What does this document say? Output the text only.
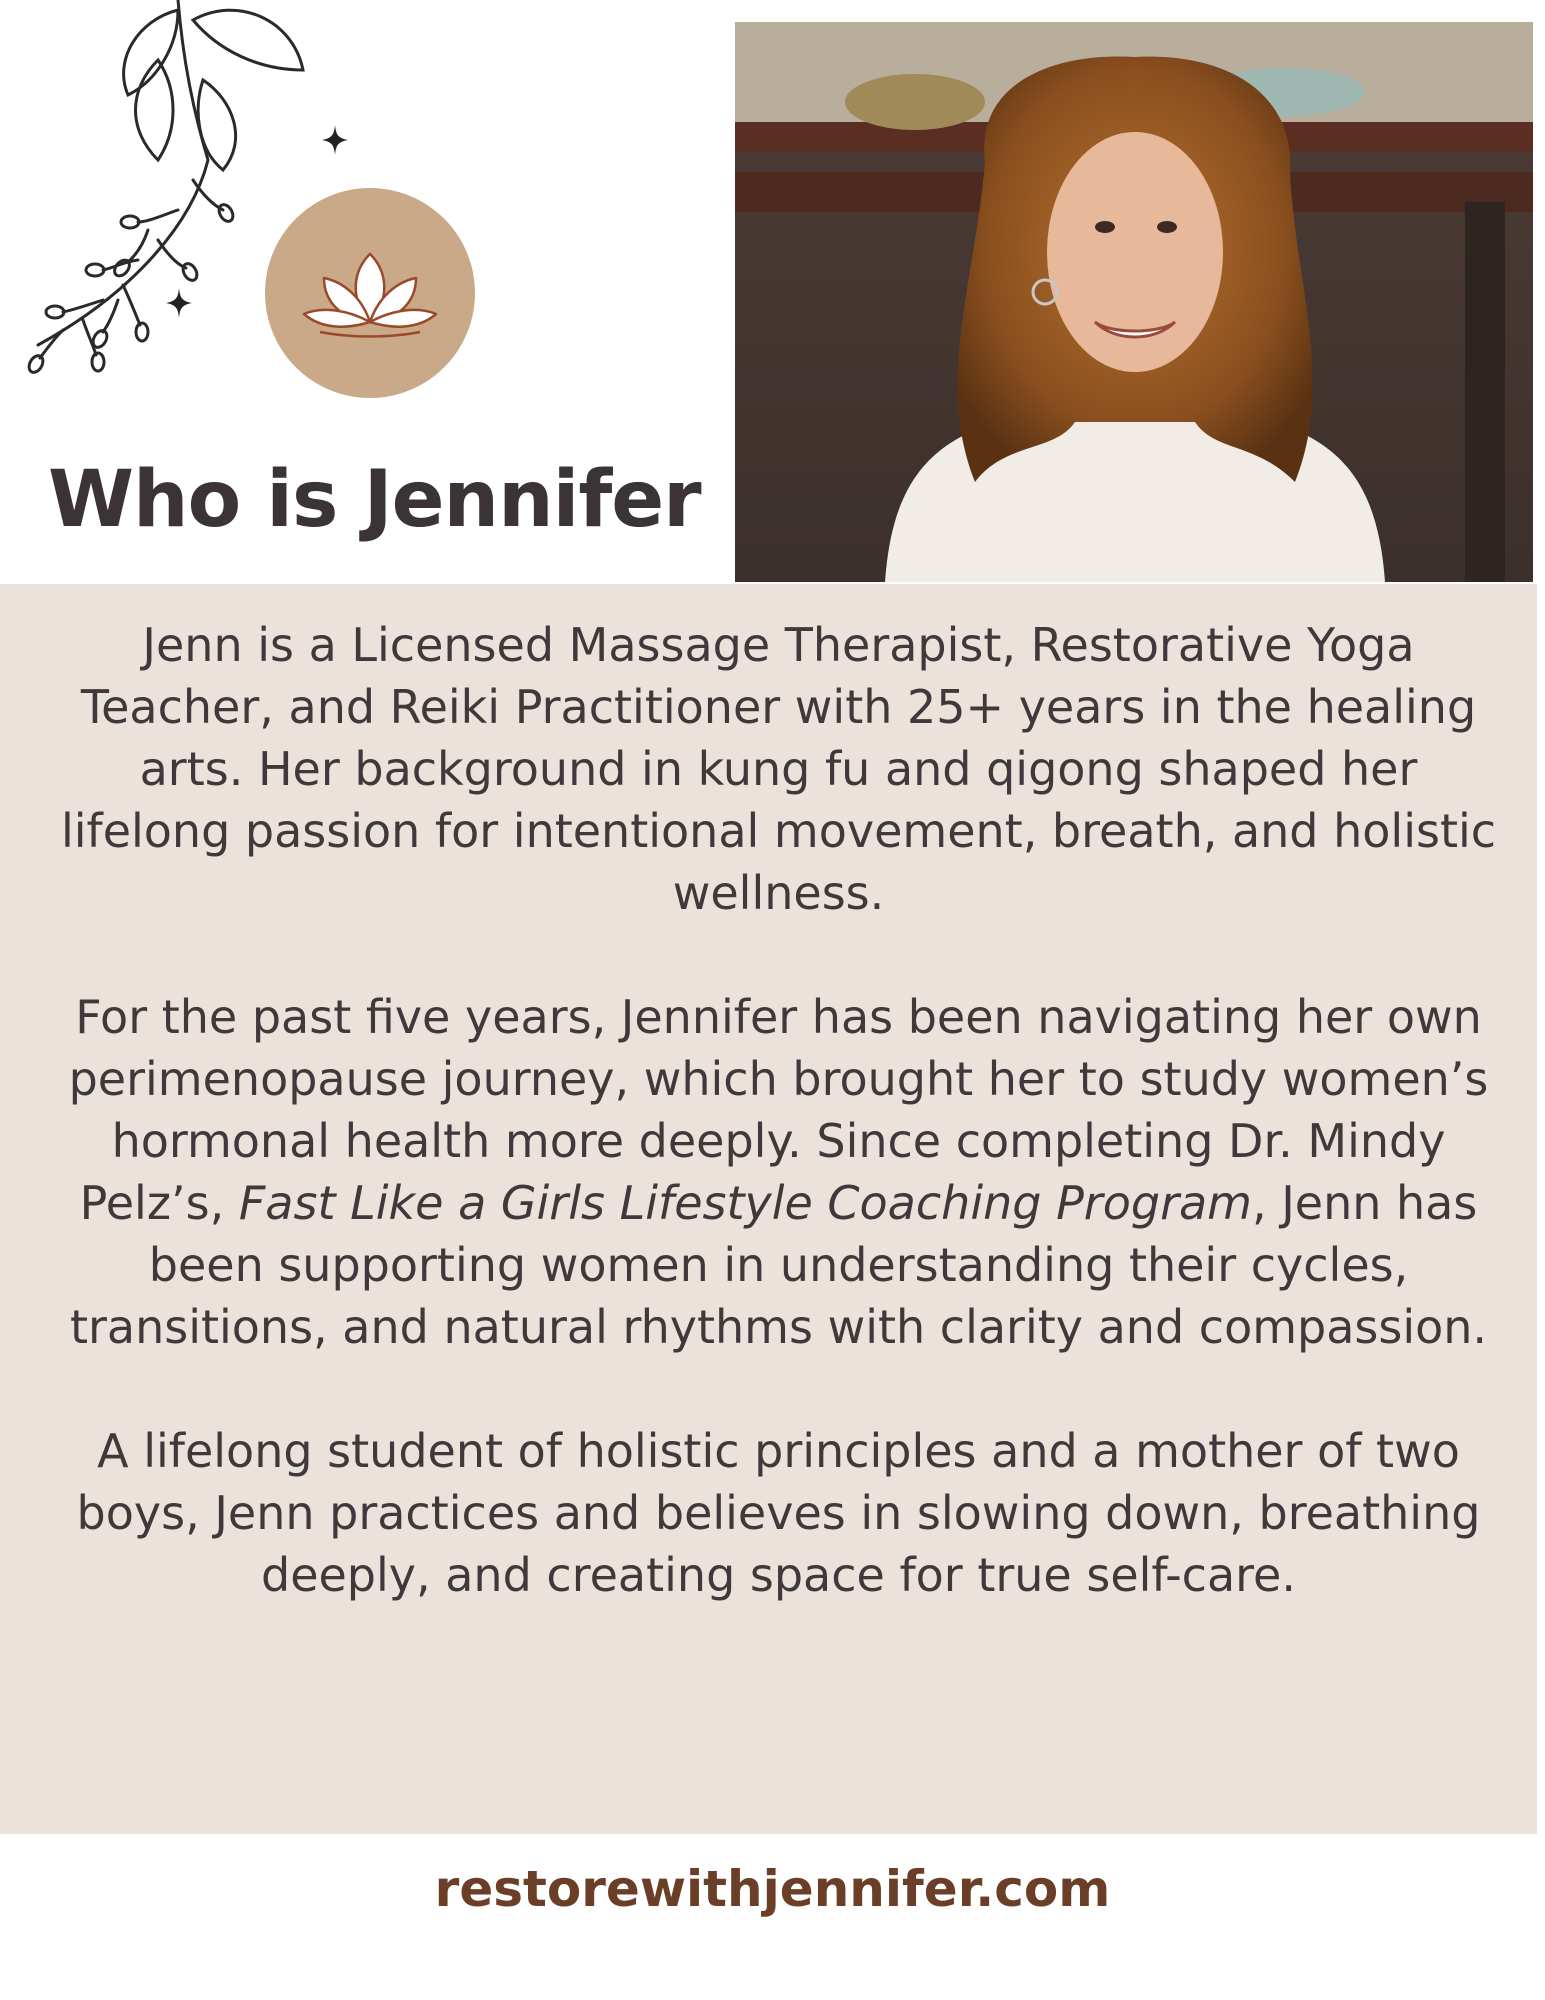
Who is Jennifer

Jenn is a Licensed Massage Therapist, Restorative Yoga Teacher, and Reiki Practitioner with 25+ years in the healing arts. Her background in kung fu and qigong shaped her lifelong passion for intentional movement, breath, and holistic wellness.

For the past five years, Jennifer has been navigating her own perimenopause journey, which brought her to study women’s hormonal health more deeply. Since completing Dr. Mindy Pelz’s, Fast Like a Girls Lifestyle Coaching Program, Jenn has been supporting women in understanding their cycles, transitions, and natural rhythms with clarity and compassion.

A lifelong student of holistic principles and a mother of two boys, Jenn practices and believes in slowing down, breathing deeply, and creating space for true self-care.

restorewithjennifer.com
